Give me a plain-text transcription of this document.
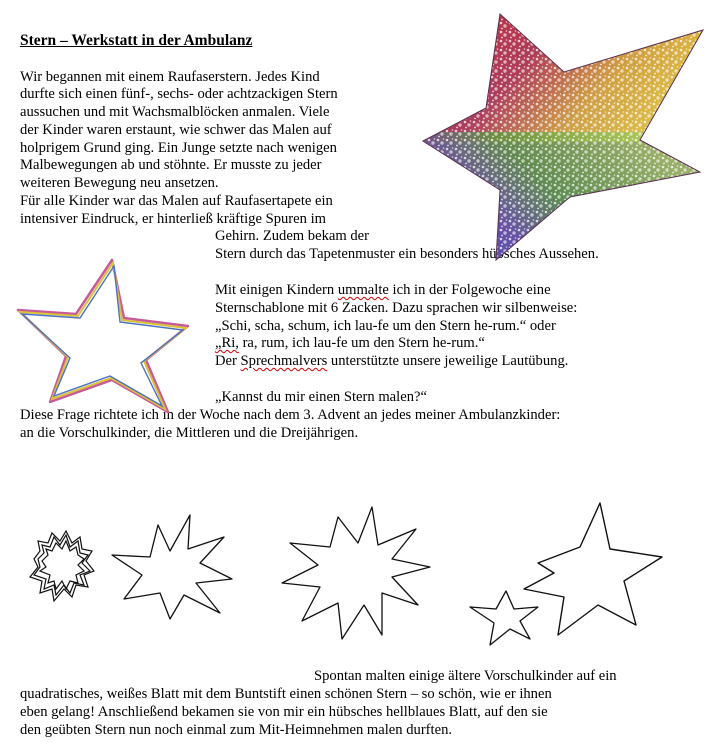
Stern – Werkstatt in der Ambulanz
Wir begannen mit einem Raufaserstern. Jedes Kind
durfte sich einen fünf-, sechs- oder achtzackigen Stern
aussuchen und mit Wachsmalblöcken anmalen. Viele
der Kinder waren erstaunt, wie schwer das Malen auf
holprigem Grund ging. Ein Junge setzte nach wenigen
Malbewegungen ab und stöhnte. Er musste zu jeder
weiteren Bewegung neu ansetzen.
Für alle Kinder war das Malen auf Raufasertapete ein
intensiver Eindruck, er hinterließ kräftige Spuren im
Gehirn. Zudem bekam der
Stern durch das Tapetenmuster ein besonders hübsches Aussehen.
Mit einigen Kindern ummalte ich in der Folgewoche eine
Sternschablone mit 6 Zacken. Dazu sprachen wir silbenweise:
„Schi, scha, schum, ich lau-fe um den Stern he-rum.“ oder
„Ri, ra, rum, ich lau-fe um den Stern he-rum.“
Der Sprechmalvers unterstützte unsere jeweilige Lautübung.
„Kannst du mir einen Stern malen?“
Diese Frage richtete ich in der Woche nach dem 3. Advent an jedes meiner Ambulanzkinder:
an die Vorschulkinder, die Mittleren und die Dreijährigen.
Spontan malten einige ältere Vorschulkinder auf ein
quadratisches, weißes Blatt mit dem Buntstift einen schönen Stern – so schön, wie er ihnen
eben gelang! Anschließend bekamen sie von mir ein hübsches hellblaues Blatt, auf den sie
den geübten Stern nun noch einmal zum Mit-Heimnehmen malen durften.
